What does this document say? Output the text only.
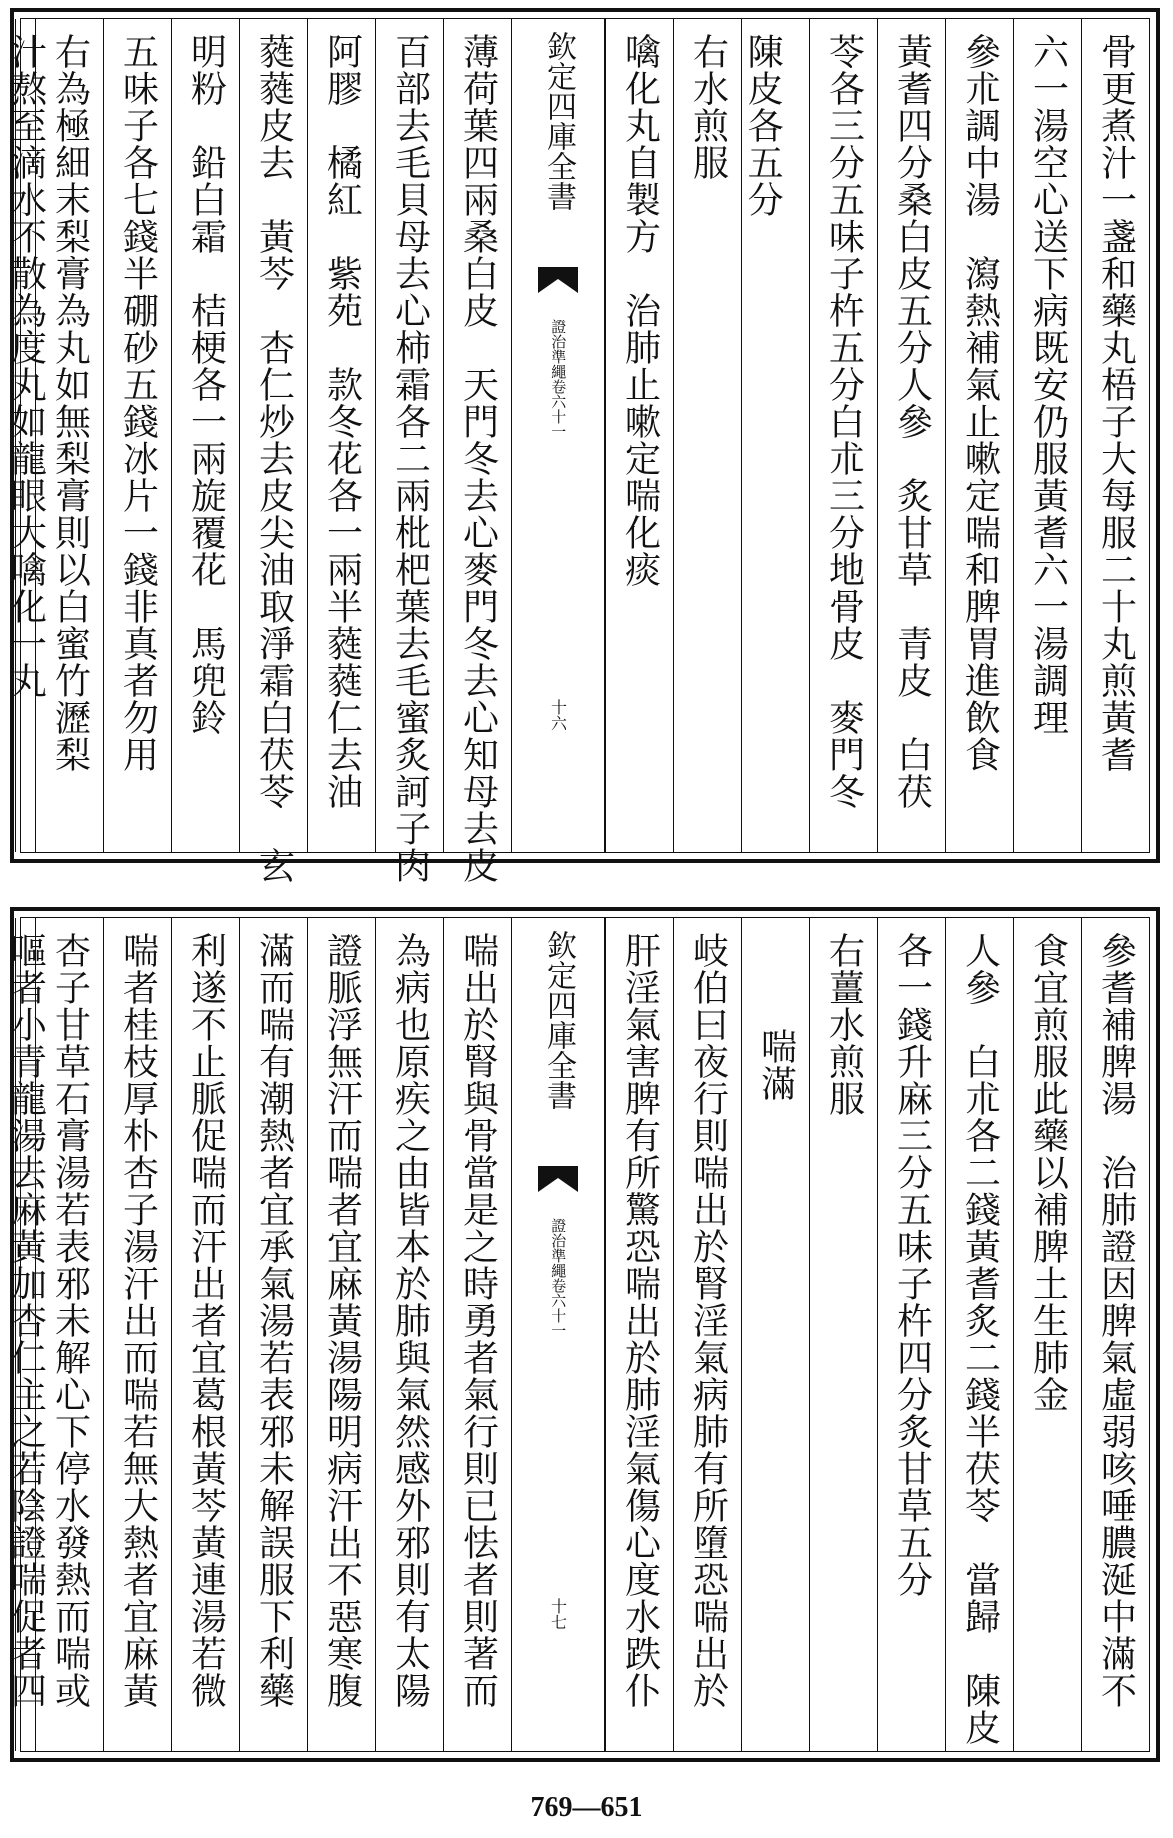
骨更煮汁一盞和藥丸梧子大每服二十丸煎黃耆
六一湯空心送下病既安仍服黃耆六一湯調理
參朮調中湯　瀉熱補氣止嗽定喘和脾胃進飲食
黃耆四分桑白皮五分人參　炙甘草　青皮　白茯
苓各三分五味子杵五分白朮三分地骨皮　麥門冬
陳皮各五分
右水煎服
噙化丸自製方　治肺止嗽定喘化痰
欽定四庫全書
證治準繩卷六十一
十六
薄荷葉四兩桑白皮　天門冬去心麥門冬去心知母去皮
百部去毛貝母去心柿霜各二兩枇杷葉去毛蜜炙訶子肉
阿膠　橘紅　紫苑　款冬花各一兩半蕤蕤仁去油
蕤蕤皮去　黃芩　杏仁炒去皮尖油取淨霜白茯苓　玄
明粉　鉛白霜　桔梗各一兩旋覆花　馬兜鈴
五味子各七錢半硼砂五錢冰片一錢非真者勿用
右為極細末梨膏為丸如無梨膏則以白蜜竹瀝梨
汁熬至滴水不散為度丸如龍眼大噙化一丸
參耆補脾湯　治肺證因脾氣虛弱咳唾膿涎中滿不
食宜煎服此藥以補脾土生肺金
人參　白朮各二錢黃耆炙二錢半茯苓　當歸　陳皮
各一錢升麻三分五味子杵四分炙甘草五分
右薑水煎服
喘滿
岐伯曰夜行則喘出於腎淫氣病肺有所墮恐喘出於
肝淫氣害脾有所驚恐喘出於肺淫氣傷心度水跌仆
欽定四庫全書
證治準繩卷六十一
十七
喘出於腎與骨當是之時勇者氣行則已怯者則著而
為病也原疾之由皆本於肺與氣然感外邪則有太陽
證脈浮無汗而喘者宜麻黃湯陽明病汗出不惡寒腹
滿而喘有潮熱者宜承氣湯若表邪未解誤服下利藥
利遂不止脈促喘而汗出者宜葛根黃芩黃連湯若微
喘者桂枝厚朴杏子湯汗出而喘若無大熱者宜麻黃
杏子甘草石膏湯若表邪未解心下停水發熱而喘或
嘔者小青龍湯去麻黃加杏仁主之若陰證喘促者四
769—651
